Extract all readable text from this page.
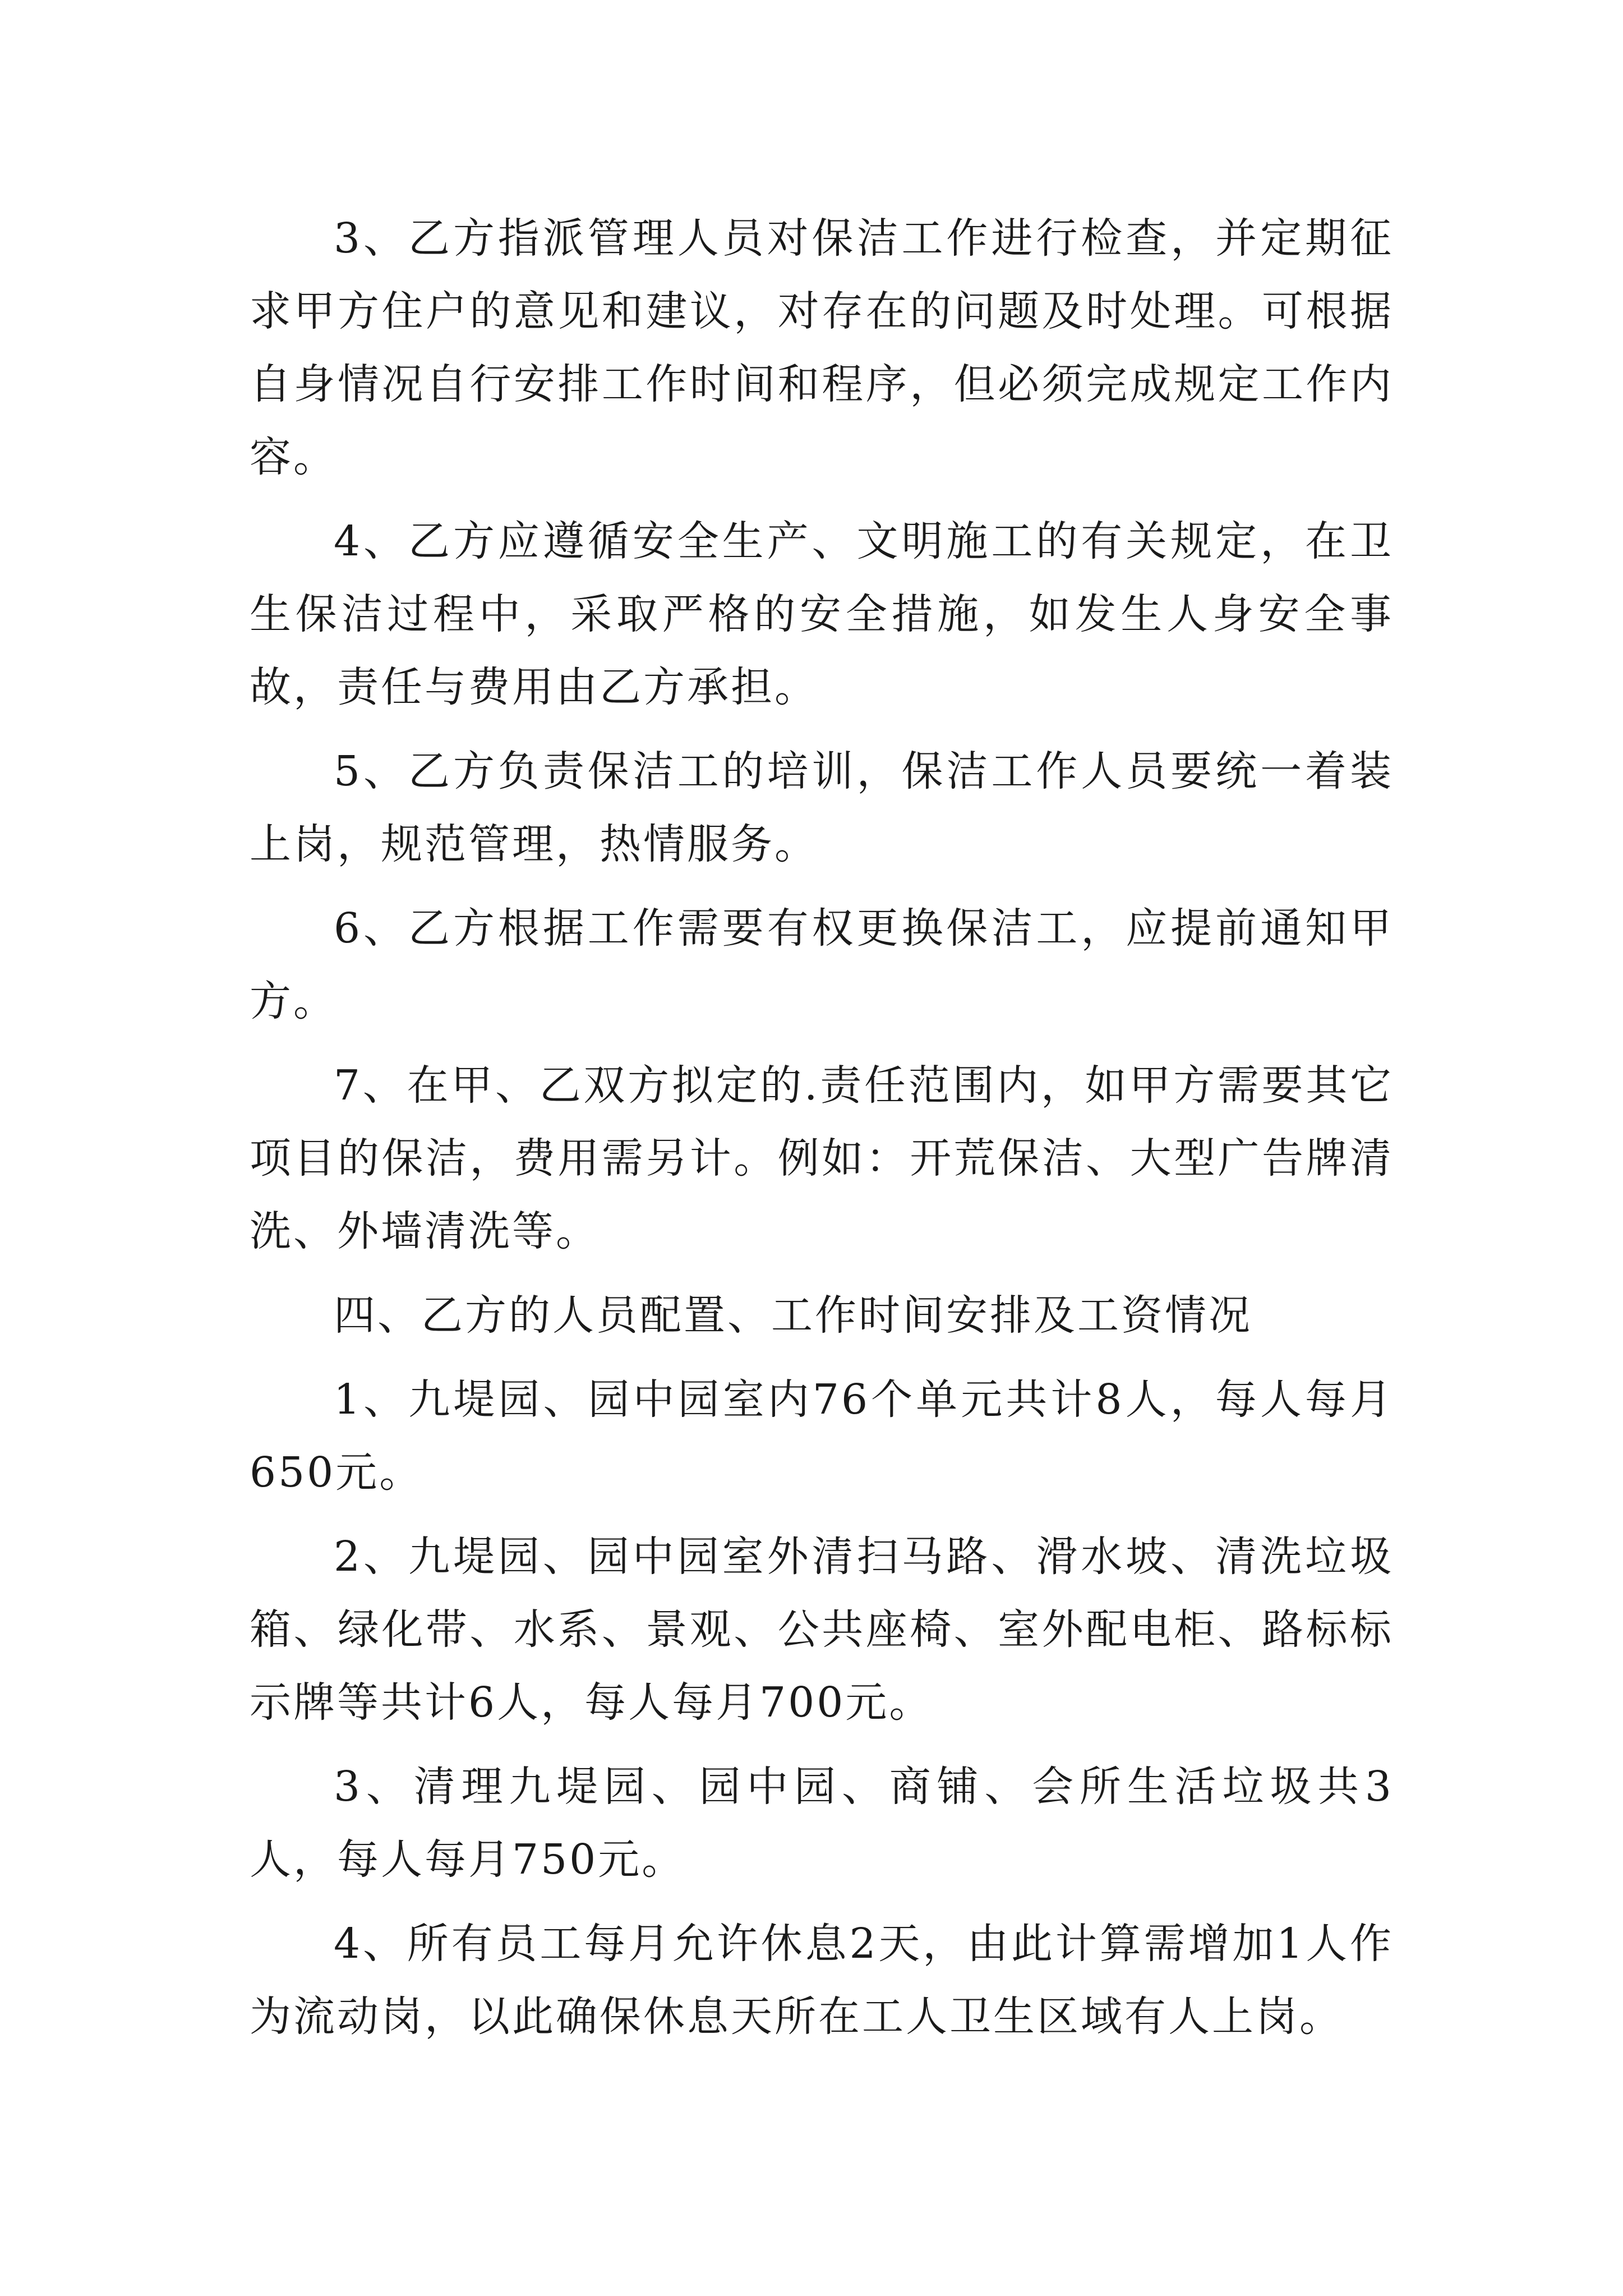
3、乙方指派管理人员对保洁工作进行检查，并定期征求甲方住户的意见和建议，对存在的问题及时处理。可根据自身情况自行安排工作时间和程序，但必须完成规定工作内容。

4、乙方应遵循安全生产、文明施工的有关规定，在卫生保洁过程中，采取严格的安全措施，如发生人身安全事故，责任与费用由乙方承担。

5、乙方负责保洁工的培训，保洁工作人员要统一着装上岗，规范管理，热情服务。

6、乙方根据工作需要有权更换保洁工，应提前通知甲方。

7、在甲、乙双方拟定的.责任范围内，如甲方需要其它项目的保洁，费用需另计。例如：开荒保洁、大型广告牌清洗、外墙清洗等。

四、乙方的人员配置、工作时间安排及工资情况

1、九堤园、园中园室内76个单元共计8人，每人每月650元。

2、九堤园、园中园室外清扫马路、滑水坡、清洗垃圾箱、绿化带、水系、景观、公共座椅、室外配电柜、路标标示牌等共计6人，每人每月700元。

3、清理九堤园、园中园、商铺、会所生活垃圾共3人，每人每月750元。

4、所有员工每月允许休息2天，由此计算需增加1人作为流动岗，以此确保休息天所在工人卫生区域有人上岗。
